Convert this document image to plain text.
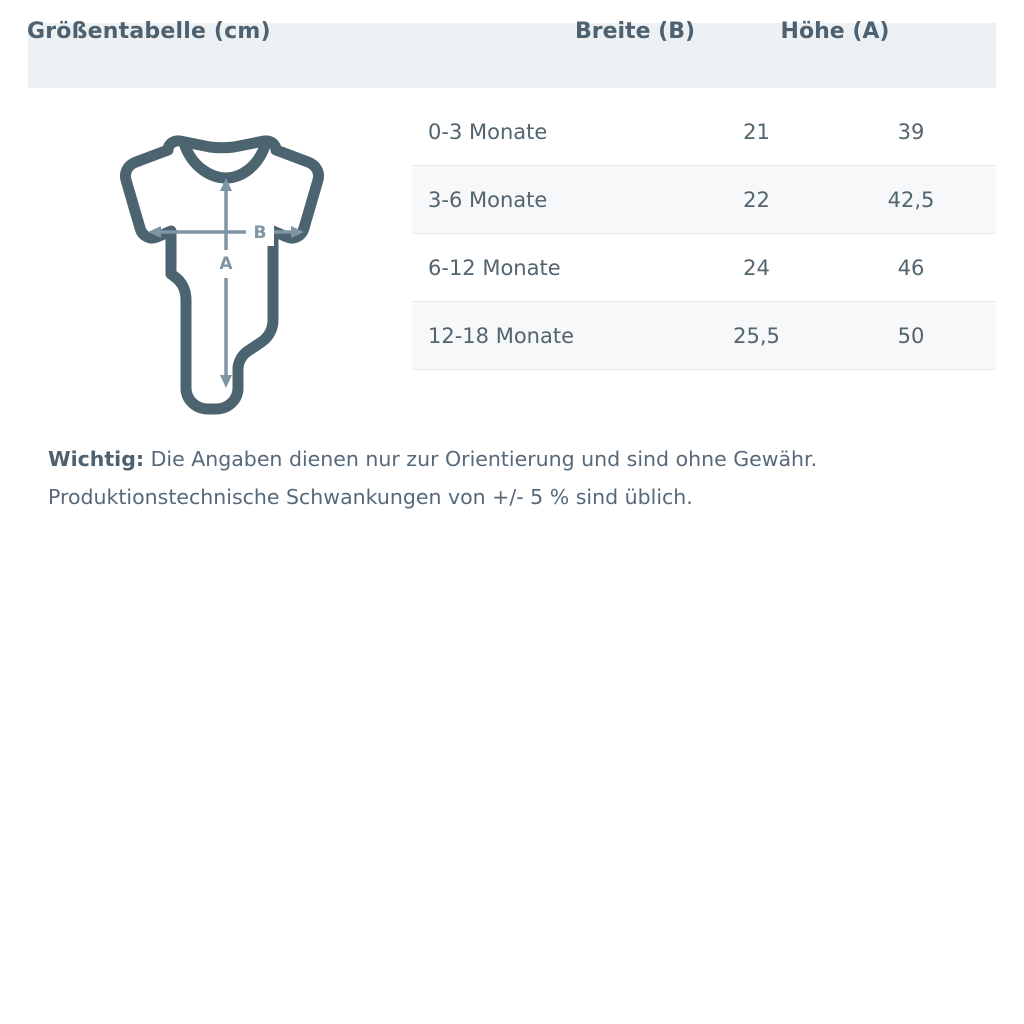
Größentabelle (cm)	Breite (B)	Höhe (A)
A
B
0-3 Monate	21	39
3-6 Monate	22	42,5
6-12 Monate	24	46
12-18 Monate	25,5	50
Wichtig: Die Angaben dienen nur zur Orientierung und sind ohne Gewähr.
Produktionstechnische Schwankungen von +/- 5 % sind üblich.
